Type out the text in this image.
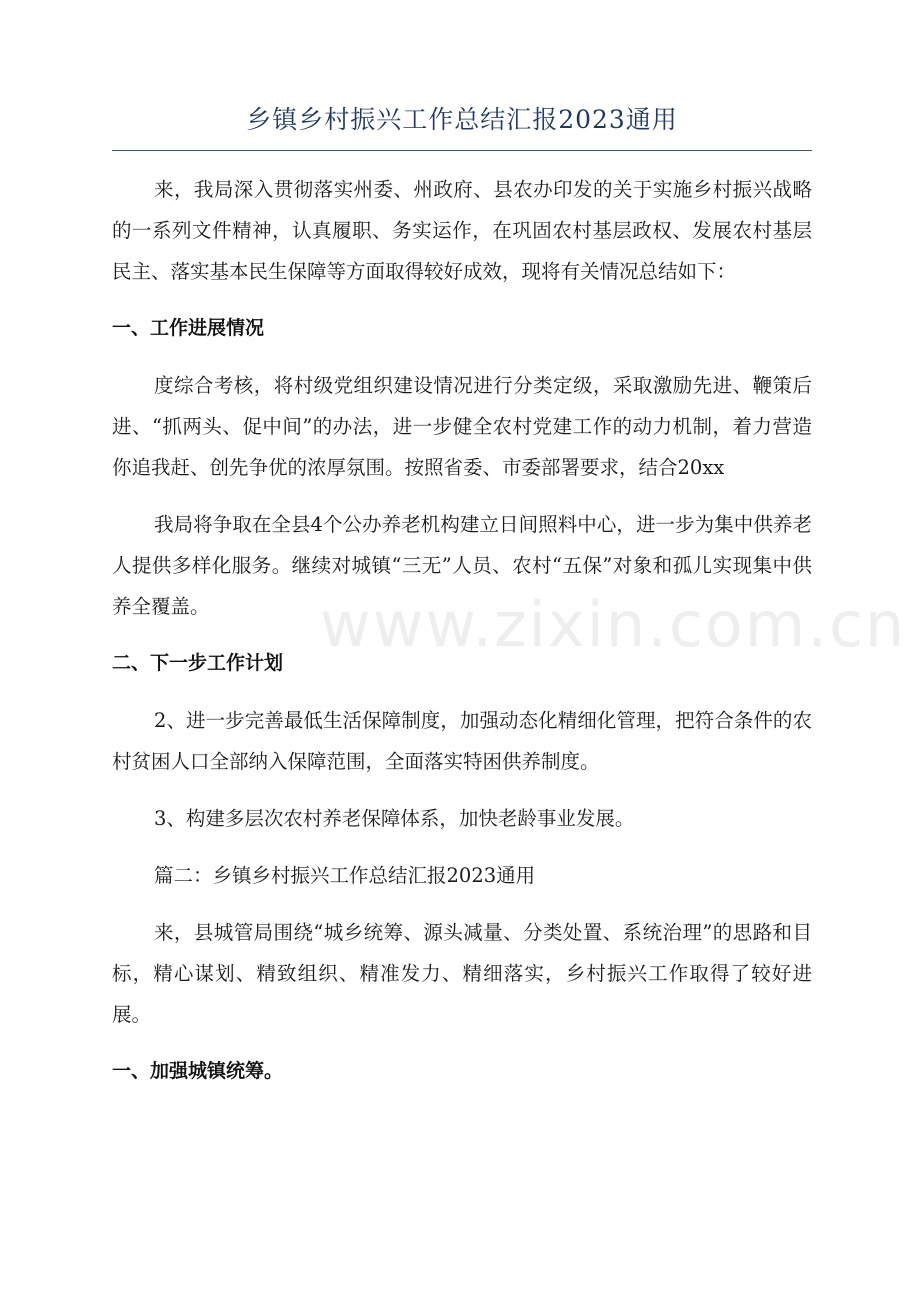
www.zixin.com.cn
乡镇乡村振兴工作总结汇报2023通用

来，我局深入贯彻落实州委、州政府、县农办印发的关于实施乡村振兴战略的一系列文件精神，认真履职、务实运作，在巩固农村基层政权、发展农村基层民主、落实基本民生保障等方面取得较好成效，现将有关情况总结如下：

一、工作进展情况

度综合考核，将村级党组织建设情况进行分类定级，采取激励先进、鞭策后进、“抓两头、促中间”的办法，进一步健全农村党建工作的动力机制，着力营造你追我赶、创先争优的浓厚氛围。按照省委、市委部署要求，结合20xx

我局将争取在全县4个公办养老机构建立日间照料中心，进一步为集中供养老人提供多样化服务。继续对城镇“三无”人员、农村“五保”对象和孤儿实现集中供养全覆盖。

二、下一步工作计划

2、进一步完善最低生活保障制度，加强动态化精细化管理，把符合条件的农村贫困人口全部纳入保障范围，全面落实特困供养制度。

3、构建多层次农村养老保障体系，加快老龄事业发展。

篇二：乡镇乡村振兴工作总结汇报2023通用

来，县城管局围绕“城乡统筹、源头减量、分类处置、系统治理”的思路和目标，精心谋划、精致组织、精准发力、精细落实，乡村振兴工作取得了较好进展。

一、加强城镇统筹。
